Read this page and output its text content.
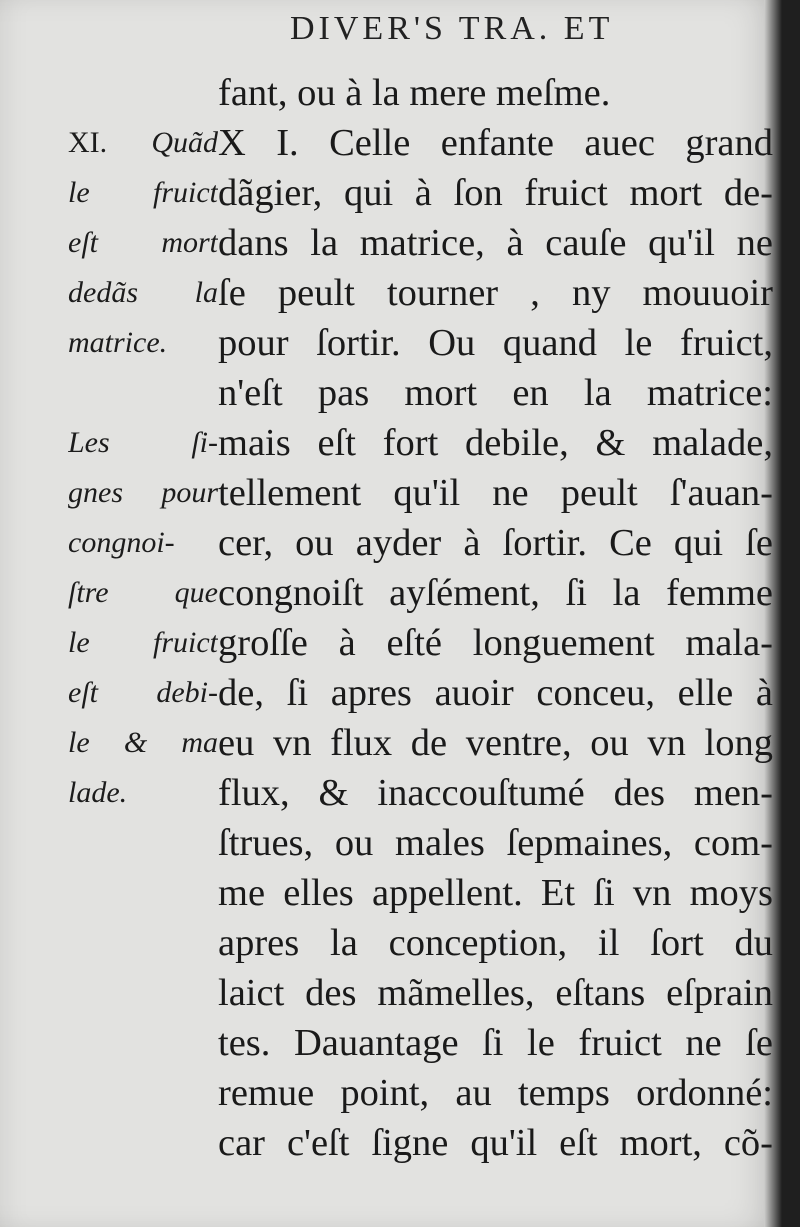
DIVER'S TRA. ET
XI. Quãd
le fruict
eſt mort
dedãs la
matrice.
Les ſi-
gnes pour
congnoi-
ſtre que
le fruict
eſt debi-
le & ma
lade.
fant, ou à la mere meſme.
X I. Celle enfante auec grand
dãgier, qui à ſon fruict mort de-
dans la matrice, à cauſe qu'il ne
ſe peult tourner , ny mouuoir
pour ſortir. Ou quand le fruict,
n'eſt pas mort en la matrice:
mais eſt fort debile, & malade,
tellement qu'il ne peult ſ'auan-
cer, ou ayder à ſortir. Ce qui ſe
congnoiſt ayſément, ſi la femme
groſſe à eſté longuement mala-
de, ſi apres auoir conceu, elle à
eu vn flux de ventre, ou vn long
flux, & inaccouſtumé des men-
ſtrues, ou males ſepmaines, com-
me elles appellent. Et ſi vn moys
apres la conception, il ſort du
laict des mãmelles, eſtans eſprain
tes. Dauantage ſi le fruict ne ſe
remue point, au temps ordonné:
car c'eſt ſigne qu'il eſt mort, cõ-
